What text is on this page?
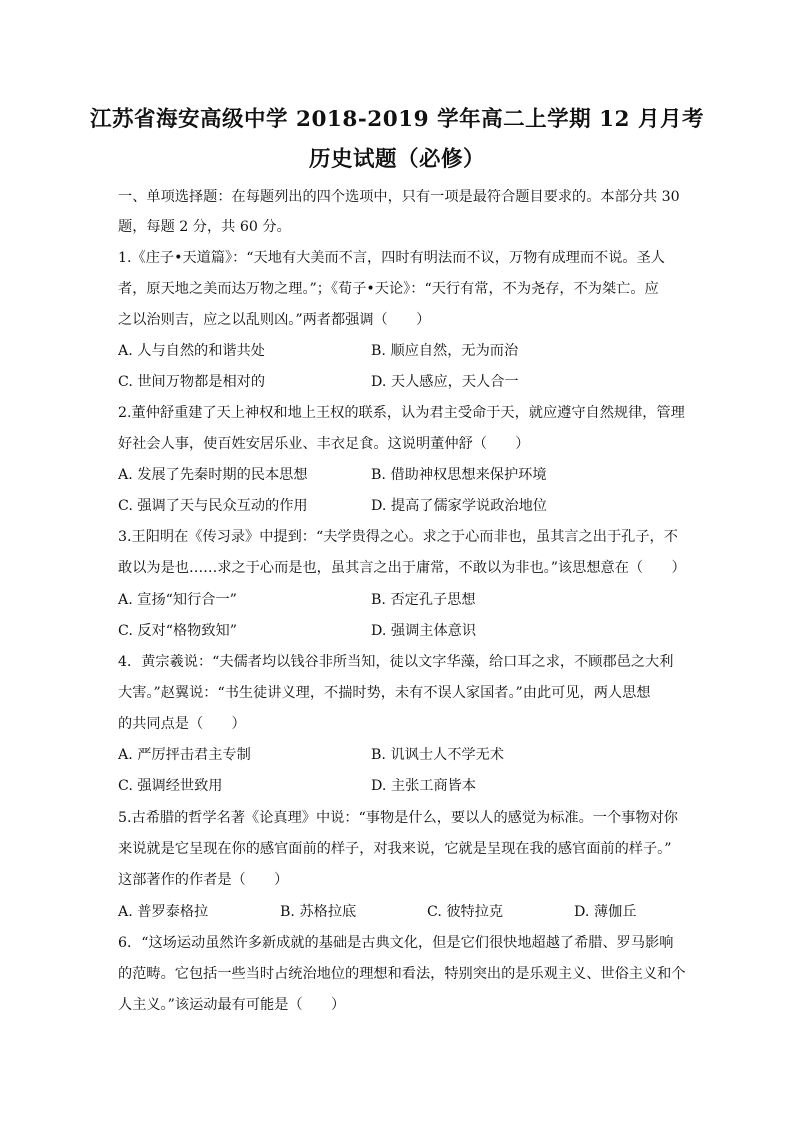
江苏省海安高级中学 2018-2019 学年高二上学期 12 月月考
历史试题（必修）
一、单项选择题：在每题列出的四个选项中，只有一项是最符合题目要求的。本部分共 30
题，每题 2 分，共 60 分。
1.《庄子•天道篇》：“天地有大美而不言，四时有明法而不议，万物有成理而不说。圣人
者，原天地之美而达万物之理。”；《荀子•天论》：“天行有常，不为尧存，不为桀亡。应
之以治则吉，应之以乱则凶。”两者都强调（　　）
A. 人与自然的和谐共处	B. 顺应自然，无为而治
C. 世间万物都是相对的	D. 天人感应，天人合一
2.董仲舒重建了天上神权和地上王权的联系，认为君主受命于天，就应遵守自然规律，管理
好社会人事，使百姓安居乐业、丰衣足食。这说明董仲舒（　　）
A. 发展了先秦时期的民本思想	B. 借助神权思想来保护环境
C. 强调了天与民众互动的作用	D. 提高了儒家学说政治地位
3.王阳明在《传习录》中提到：“夫学贵得之心。求之于心而非也，虽其言之出于孔子，不
敢以为是也……求之于心而是也，虽其言之出于庸常，不敢以为非也。”该思想意在（　　）
A. 宣扬“知行合一”	B. 否定孔子思想
C. 反对“格物致知”	D. 强调主体意识
4．黄宗羲说：“夫儒者均以钱谷非所当知，徒以文字华藻，给口耳之求，不顾郡邑之大利
大害。”赵翼说：“书生徒讲义理，不揣时势，未有不误人家国者。”由此可见，两人思想
的共同点是（　　）
A. 严厉抨击君主专制	B. 讥讽士人不学无术
C. 强调经世致用	D. 主张工商皆本
5.古希腊的哲学名著《论真理》中说：“事物是什么，要以人的感觉为标准。一个事物对你
来说就是它呈现在你的感官面前的样子，对我来说，它就是呈现在我的感官面前的样子。”
这部著作的作者是（　　）
A. 普罗泰格拉	B. 苏格拉底	C. 彼特拉克	D. 薄伽丘
6．“这场运动虽然许多新成就的基础是古典文化，但是它们很快地超越了希腊、罗马影响
的范畴。它包括一些当时占统治地位的理想和看法，特别突出的是乐观主义、世俗主义和个
人主义。”该运动最有可能是（　　）
